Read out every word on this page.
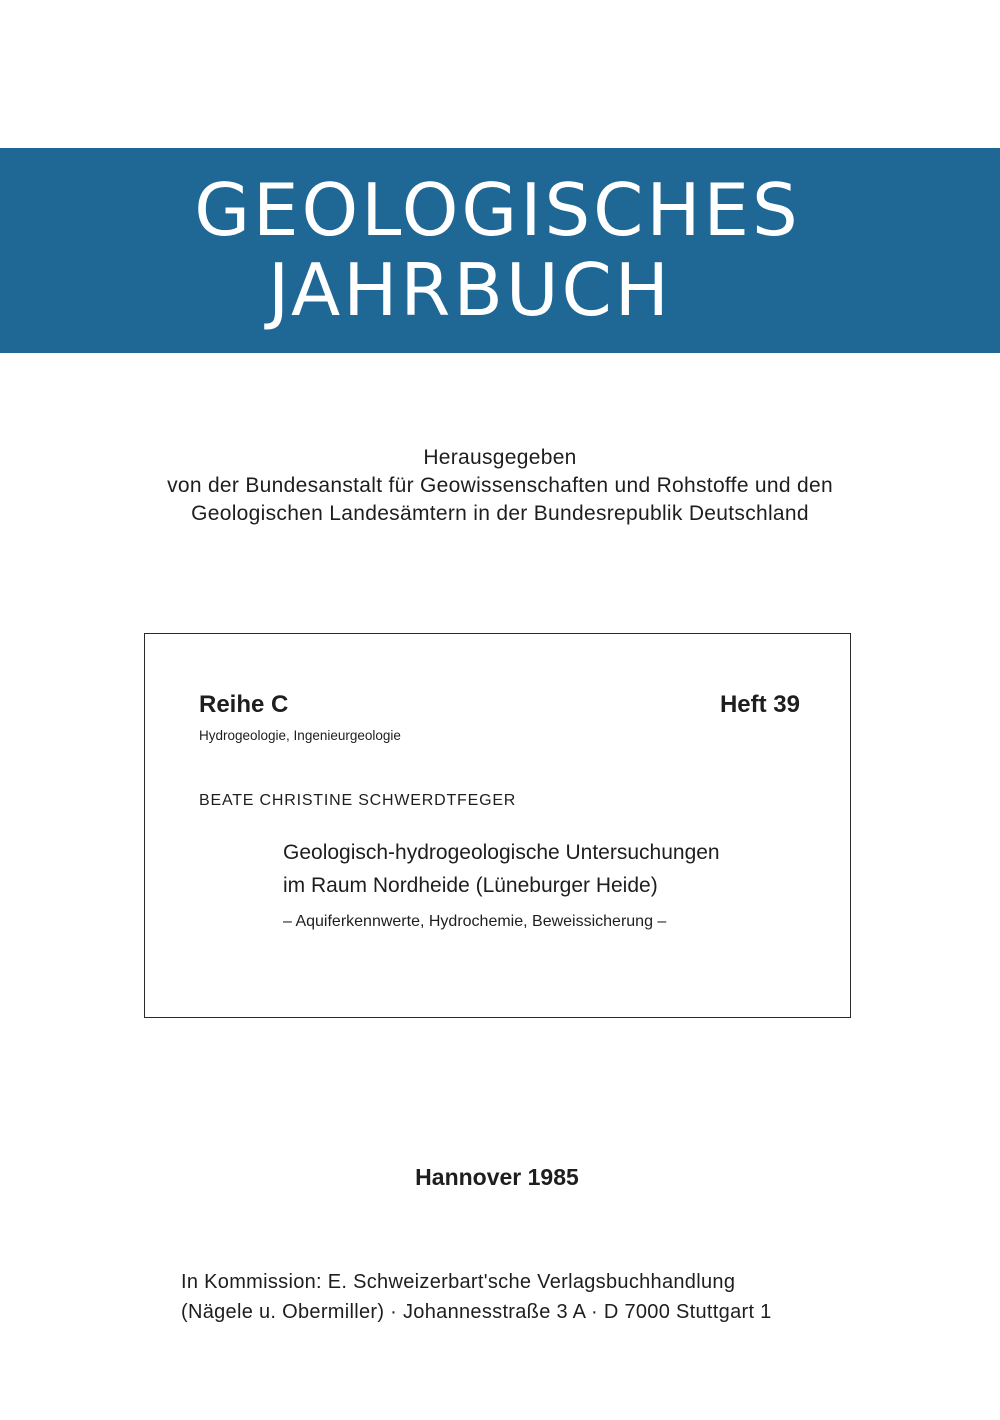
GEOLOGISCHES
JAHRBUCH
Herausgegeben
von der Bundesanstalt für Geowissenschaften und Rohstoffe und den
Geologischen Landesämtern in der Bundesrepublik Deutschland
Reihe C
Hydrogeologie, Ingenieurgeologie
Heft 39
BEATE CHRISTINE SCHWERDTFEGER
Geologisch-hydrogeologische Untersuchungen
im Raum Nordheide (Lüneburger Heide)
– Aquiferkennwerte, Hydrochemie, Beweissicherung –
Hannover 1985
In Kommission: E. Schweizerbart'sche Verlagsbuchhandlung
(Nägele u. Obermiller) · Johannesstraße 3 A · D 7000 Stuttgart 1
